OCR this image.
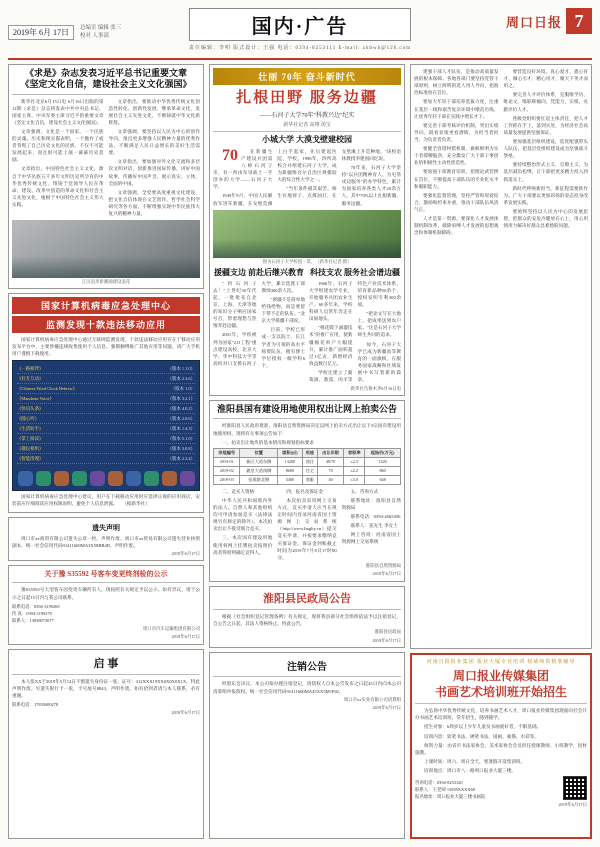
2019年 6月 17日	总编室 编辑 张三
校对 人事部	国内·广告
责任编辑：李明 版式设计：王强 电话：0394-8253111 E-mail: zkbwb@126.com
周口日报 7
《求是》杂志发表习近平总书记重要文章
《坚定文化自信，建设社会主义文化强国》

新华社北京6月15日电 6月16日出版的第12期《求是》杂志将发表中共中央总书记、国家主席、中央军委主席习近平的重要文章《坚定文化自信，建设社会主义文化强国》。

文章强调，文化是一个国家、一个民族的灵魂。历史和现实都表明，一个抛弃了或者背叛了自己历史文化的民族，不仅不可能发展起来，而且很可能上演一幕幕历史悲剧。

文章指出，中国特色社会主义文化，源自于中华民族五千多年文明历史所孕育的中华优秀传统文化，熔铸于党领导人民在革命、建设、改革中创造的革命文化和社会主义先进文化，植根于中国特色社会主义伟大实践。

文章指出，要推动中华优秀传统文化创造性转化、创新性发展，继承革命文化，发展社会主义先进文化，不断铸就中华文化新辉煌。

文章强调，要坚持以人民为中心的创作导向，推出更多增强人民精神力量的优秀作品，不断满足人民日益增长的美好生活需要。

文章指出，要加强对外文化交流和多层次文明对话，创新推进国际传播，讲好中国故事，传播好中国声音，展示真实、立体、全面的中国。

文章强调，全党要高度重视文化建设，把文化自信体现在文艺创作、哲学社会科学研究等各方面，不断增强实现中华民族伟大复兴的精神力量。

江汉浪奔新潮涌建设浪花
国家计算机病毒应急处理中心
监测发现十款违法移动应用

国家计算机病毒应急处理中心通过互联网监测发现，十款违法移动应用存在于移动应用发布平台中，主要涉嫌违规收集使用个人信息、强制捆绑推广其他应用等问题，请广大手机用户谨慎下载使用。

《一路相伴》	（版本 1.1.0）
《好友互动》	（版本 2.3.6）
《Chinese Word Clock Hebrew》	（版本 1.0）
《Mandarin Voice》	（版本 3.2.1）
《快讯头条》	（版本 4.0.2）
《随心听》	（版本 2.0.6）
《生活助手》	（版本 1.4.3）
《掌上阅读》	（版本 5.1.0）
《趣玩相机》	（版本 3.0.8）
《智能清理》	（版本 2.2.4）

国家计算机病毒应急处理中心建议，用户在下载移动应用时应选择正规的应用商店，安装前应仔细阅读应用权限说明，避免个人信息泄露。　　（据新华社）

遗失声明

周口市xx商贸有限公司遗失公章一枚，声明作废。周口市xx贸易有限公司遗失营业执照副本，统一社会信用代码91411600MA3X58BB4D，声明作废。

2019年6月17日
关于豫 S35592 号客车变更终剂检的公示

豫S35592号大型客车因变更车辆所有人，现按照有关规定予以公示。如有异议，请于公示之日起15日内与我公司联系。

联系电话：0394-3199269
传 真：0394-3199270
联系人：13838073077
周口市汽车运输集团有限公司
2019年6月17日
启 事

本人张XX于2019年5月12日不慎遗失身份证一张，证号：412XXX19XX0X0X0X1X，特此声明作废。另遗失银行卡一张，卡号尾号8843，声明作废。如有拾到者请与本人联系，必有重谢。

联系电话：17839400278
2019年6月17日
壮丽 70年 奋斗新时代
扎根田野 服务边疆
——石河子大学70年"科教兴边"纪实
新华社记者 高翔 汤宝
小城大学 大漠戈壁建校园

70	在新疆生产建设兵团第八师石河子市，有一所由军垦战士一手创办的大学——石河子大学。

1949年9月，中国人民解放军进军新疆，在戈壁荒滩上白手起家，先后建起医院、学校。1996年，四所高校合并组建石河子大学，成为新疆维吾尔自治区规模较大的综合性大学之一。

"当年条件极其艰苦，师生住地窝子、点煤油灯，在戈壁滩上开荒种地。"该校退休教授李建国回忆说。

70年来，石河子大学坚持"以兵团精神育人、为屯垦戍边服务"的办学特色，累计为国家培养各类人才20余万人，其中70%以上扎根新疆、服务边疆。

图为石河子大学校园一景。　（新华社记者 摄）
援疆支边 前赴后继兴教育

"到石河子去！"上世纪50年代起，一批批来自北京、上海、天津等地的知识分子响应国家号召，带着理想与热情奔赴边疆。

2001年，学校被列为国家"211工程"重点建设高校，北京大学、华中科技大学等高校对口支援石河子大学，累计选派干部教师300余人次。

"援疆不是简单地给钱给物，而是要留下带不走的队伍。"北京大学援疆干部说。

目前，学校已形成一支以院士、长江学者为引领的高水平师资队伍，拥有博士学位授权一级学科6个。

科技支农 服务社会谱边疆

1960年，石河子大学组建农学专业，开始服务兵团农业生产。60多年来，学校科研人员常年奔走在田间地头。

"棉花膜下滴灌技术"的推广应用，使新疆棉花单产大幅提升，累计推广面积超过1亿亩，新增经济效益数百亿元。

学校还建立了葡萄酒、番茄、肉羊等特色产业技术体系，培育新品种50余个，授权发明专利300余项。

"把论文写在大地上，把成果送到农户家。"这是石河子大学师生共同的追求。

如今，石河子大学已成为新疆高等教育的一面旗帜，在服务国家战略和区域发展中书写着新的篇章。

新华社乌鲁木齐6月16日电
淮阳县国有建设用地使用权出让网上拍卖公告

经淮阳县人民政府批准，淮阳县自然资源局决定以网上拍卖方式出让以下3宗国有建设用地使用权，现将有关事项公告如下：

一、拍卖出让地块的基本情况和规划指标要求

宗地编号	位置	面积(㎡)	用途	出让年限	容积率	起始价(万元)
2019-01	新区大道东侧	13200	商住	40/70	≤2.5	1320
2019-02	羲皇大道南侧	8600	住宅	70	≤2.2	860
2019-03	弦歌路北侧	5400	商服	40	≤3.0	648

二、竞买人资格

中华人民共和国境内外的法人、自然人和其他组织均可申请参加竞买（法律法规另有规定的除外）。本次拍卖出让不接受联合竞买。

三、本次国有建设用地使用权网上挂牌拍卖按照价高者得原则确定竞得人。

四、报名及保证金

本次拍卖采用网上交易方式，竞买申请人应当在规定时间内登录河南省国土资源网上交易系统（http://www.hnglty.cn）提交竞买申请，并按要求缴纳竞买保证金。保证金到账截止时间为2019年7月8日17时00分。

五、咨询方式

联系地址：淮阳县自然资源局

联系电话：0394-2665456

联系人：张先生 李女士

网上咨询：河南省国土资源网上交易系统

淮阳县自然资源局
2019年6月17日
淮阳县民政局公告

根据《社会组织登记管理条例》有关规定，现将我县部分社会组织依法予以注销登记，自公告之日起，其法人资格终止。特此公告。

淮阳县民政局
2019年6月17日
注销公告

经股东会决议，本公司拟办理注销登记，请债权人自本公告发布之日起45日内向本公司清算组申报债权。统一社会信用代码91411600MA45XX5M1P0J。

周口市xx实业有限公司清算组
2019年6月17日

建强干部人才队伍，是推动高质量发展的根本保障。各地各部门要坚持党管干部原则，树立鲜明的选人用人导向，把政治标准放在首位。

要加大年轻干部培养选拔力度，注重在基层一线和艰苦复杂环境中墩苗历练，让优秀年轻干部在实践中增长才干。

要完善干部考核评价机制，突出实绩导向，既看显绩更看潜绩，为担当者担当、为负责者负责。

要健全容错纠错机制，旗帜鲜明为实干者撑腰鼓劲，充分激发广大干部干事创业的积极性主动性创造性。

要加强干部教育培训，把理论武装摆在首位，不断提高干部队伍的专业化水平和履职能力。

要强化监督管理，坚持严管和厚爱结合、激励和约束并重，推动干部队伍风清气正。

人才是第一资源。要深化人才发展体制机制改革，破除束缚人才发展的思想观念和体制机制障碍。

要营造良好环境，真心爱才、悉心育才、倾心引才、精心用才，聚天下英才而用之。

要完善人才评价体系，克服唯学历、唯论文、唯职称倾向，凭能力、实绩、贡献评价人才。

各级党组织要扛起主体责任，把人才工作抓在手上、落到实处，为经济社会高质量发展提供坚强保证。

要加强基层组织建设，选优配强带头人队伍，把基层党组织建设成为坚强战斗堡垒。

要持续整治形式主义、官僚主义，为基层减负松绑，让干部把更多精力投入到抓落实上。

新时代呼唤新担当，新征程需要新作为。广大干部要以更加昂扬的姿态投身改革发展实践。

要始终坚持以人民为中心的发展思想，把群众的安危冷暖放在心上，用心用情用力解决好群众急难愁盼问题。

河南日报报业集团 报业大厦专业培训 权威师资精准辅导
周口报业传媒集团
书画艺术培训班开始招生

为弘扬中华优秀传统文化，培养书画艺术人才，周口报业传媒集团现面向社会开办书画艺术培训班，常年招生，随到随学。

招生对象：6周岁以上少年儿童及书画爱好者，不限基础。

培训内容：软笔书法、硬笔书法、国画、素描、水彩等。

师资力量：由省市书法家协会、美术家协会会员担任授课教师，小班教学，因材施教。

上课时间：周六、周日全天，寒暑假开设集训班。

培训地点：周口市八一路周口报业大厦三楼。

咨询电话：0394-8253120
联系人：王老师 13939XXXX68
报名地址：周口报业大厦三楼书画院
2019年6月17日
